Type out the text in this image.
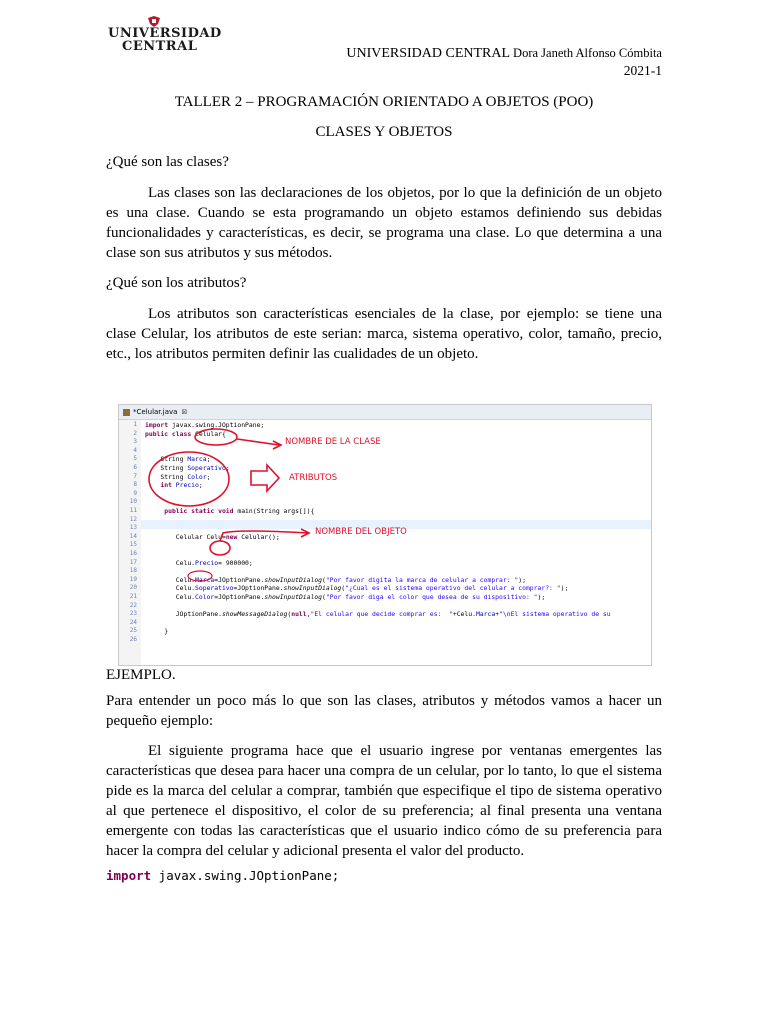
UNIVERSIDAD
CENTRAL	UNIVERSIDAD CENTRAL Dora Janeth Alfonso Cómbita
2021-1
TALLER 2 – PROGRAMACIÓN ORIENTADO A OBJETOS (POO)
CLASES Y OBJETOS
¿Qué son las clases?
Las clases son las declaraciones de los objetos, por lo que la definición de un objeto es una clase. Cuando se esta programando un objeto estamos definiendo sus debidas funcionalidades y características, es decir, se programa una clase. Lo que determina a una clase son sus atributos y sus métodos.
¿Qué son los atributos?
Los atributos son características esenciales de la clase, por ejemplo: se tiene una clase Celular, los atributos de este serian: marca, sistema operativo, color, tamaño, precio, etc., los atributos permiten definir las cualidades de un objeto.
*Celular.java ⊠
1 import javax.swing.JOptionPane;
2 public class Celular{
3
4
5 String Marca;
6 String Soperativo;
7 String Color;
8	int Precio;
9
10
11	public static void main(String args[]){
12
13
14 Celular Celu=new Celular();
15
16
17 Celu.Precio= 900000;
18
19 Celu.Marca=JOptionPane.showInputDialog("Por favor digita la marca de celular a comprar: ");
20 Celu.Soperativo=JOptionPane.showInputDialog("¿Cual es el sistema operativo del celular a comprar?: ");
21 Celu.Color=JOptionPane.showInputDialog("Por favor diga el color que desea de su dispositivo: ");
22
23 JOptionPane.showMessageDialog(null,"El celular que decide comprar es:  "+Celu.Marca+"\nEl sistema operativo de su
24
25 }
26
NOMBRE DE LA CLASE
ATRIBUTOS
NOMBRE DEL OBJETO
EJEMPLO.
Para entender un poco más lo que son las clases, atributos y métodos vamos a hacer un pequeño ejemplo:
El siguiente programa hace que el usuario ingrese por ventanas emergentes las características que desea para hacer una compra de un celular, por lo tanto, lo que el sistema pide es la marca del celular a comprar, también que especifique el tipo de sistema operativo al que pertenece el dispositivo, el color de su preferencia; al final presenta una ventana emergente con todas las características que el usuario indico cómo de su preferencia para hacer la compra del celular y adicional presenta el valor del producto.
import javax.swing.JOptionPane;
